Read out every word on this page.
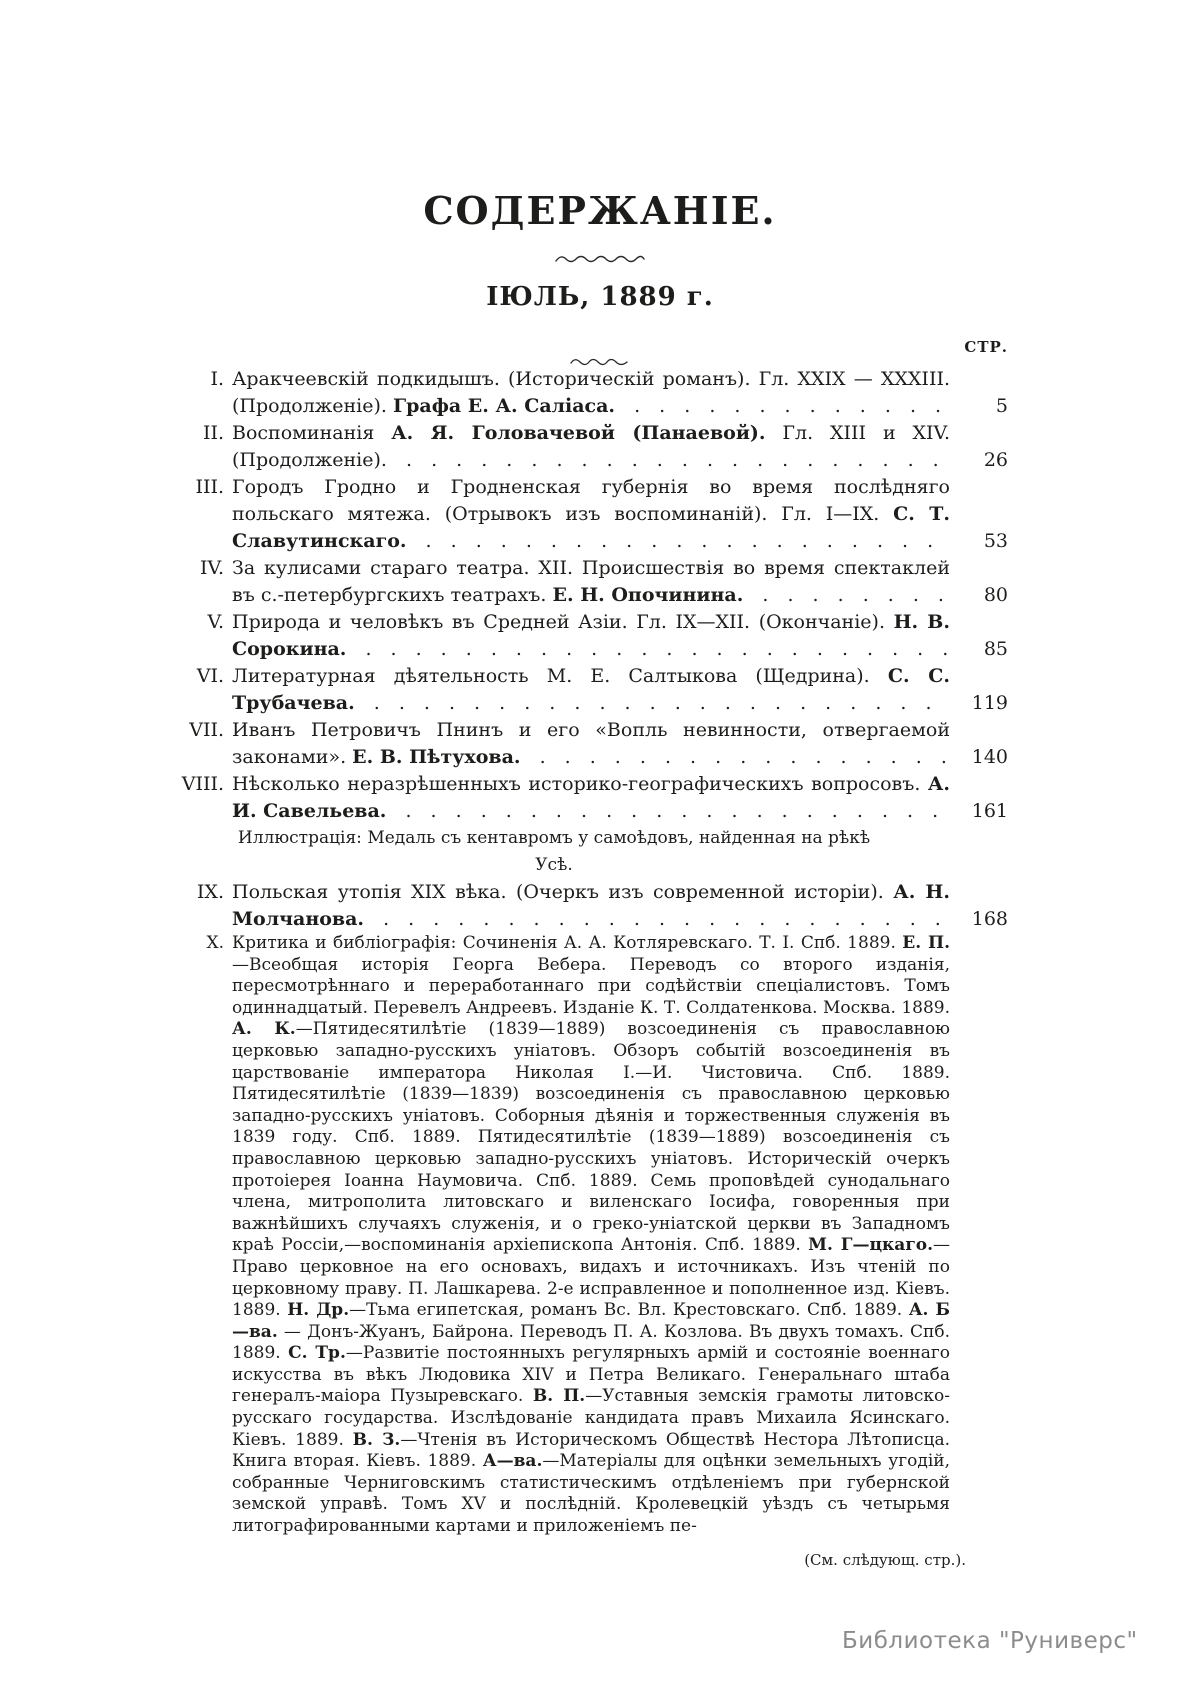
СОДЕРЖАНІЕ.
ІЮЛЬ, 1889 г.
СТР.
I. Аракчеевскій подкидышъ. (Историческій романъ). Гл. XXIX — XXXIII. (Продолженіе). Графа Е. А. Саліаса. . . . . . . . . . . . . .	5
II. Воспоминанія А. Я. Головачевой (Панаевой). Гл. XIII и XIV. (Продолженіе). . . . . . . . . . . . . . . . . . . . . . .	26
III. Городъ Гродно и Гродненская губернія во время послѣдняго польскаго мятежа. (Отрывокъ изъ воспоминаній). Гл. I—IX. С. Т. Славутинскаго. . . . . . . . . . . . . . . . . . . . . .	53
IV. За кулисами стараго театра. XII. Происшествія во время спектаклей въ с.-петербургскихъ театрахъ. Е. Н. Опочинина. . . . . . . . .	80
V. Природа и человѣкъ въ Средней Азіи. Гл. IX—XII. (Окончаніе). Н. В. Сорокина. . . . . . . . . . . . . . . . . . . . . . . . .	85
VI. Литературная дѣятельность М. Е. Салтыкова (Щедрина). С. С. Трубачева. . . . . . . . . . . . . . . . . . . . . . . .	119
VII. Иванъ Петровичъ Пнинъ и его «Вопль невинности, отвергаемой законами». Е. В. Пѣтухова. . . . . . . . . . . . . . . . . .	140
VIII. Нѣсколько неразрѣшенныхъ историко-географическихъ вопросовъ. А. И. Савельева. . . . . . . . . . . . . . . . . . . . . . .	161
Иллюстрація: Медаль съ кентавромъ у самоѣдовъ, найденная на рѣкѣ Усѣ.
IX. Польская утопія XIX вѣка. (Очеркъ изъ современной исторіи). А. Н. Молчанова. . . . . . . . . . . . . . . . . . . . . . . .	168
X. Критика и библіографія: Сочиненія А. А. Котляревскаго. Т. I. Спб. 1889. Е. П.—Всеобщая исторія Георга Вебера. Переводъ со второго изданія, пересмотрѣннаго и переработаннаго при содѣйствіи спеціалистовъ. Томъ одиннадцатый. Перевелъ Андреевъ. Изданіе К. Т. Солдатенкова. Москва. 1889. А. К.—Пятидесятилѣтіе (1839—1889) возсоединенія съ православною церковью западно-русскихъ уніатовъ. Обзоръ событій возсоединенія въ царствованіе императора Николая I.—И. Чистовича. Спб. 1889. Пятидесятилѣтіе (1839—1839) возсоединенія съ православною церковью западно-русскихъ уніатовъ. Соборныя дѣянія и торжественныя служенія въ 1839 году. Спб. 1889. Пятидесятилѣтіе (1839—1889) возсоединенія съ православною церковью западно-русскихъ уніатовъ. Историческій очеркъ протоіерея Іоанна Наумовича. Спб. 1889. Семь проповѣдей сунодальнаго члена, митрополита литовскаго и виленскаго Іосифа, говоренныя при важнѣйшихъ случаяхъ служенія, и о греко-уніатской церкви въ Западномъ краѣ Россіи,—воспоминанія архіепископа Антонія. Спб. 1889. М. Г—цкаго.—Право церковное на его основахъ, видахъ и источникахъ. Изъ чтеній по церковному праву. П. Лашкарева. 2-е исправленное и пополненное изд. Кіевъ. 1889. Н. Др.—Тьма египетская, романъ Вс. Вл. Крестовскаго. Спб. 1889. А. Б—ва. — Донъ-Жуанъ, Байрона. Переводъ П. А. Козлова. Въ двухъ томахъ. Спб. 1889. С. Тр.—Развитіе постоянныхъ регулярныхъ армій и состояніе военнаго искусства въ вѣкъ Людовика XIV и Петра Великаго. Генеральнаго штаба генералъ-маіора Пузыревскаго. В. П.—Уставныя земскія грамоты литовско-русскаго государства. Изслѣдованіе кандидата правъ Михаила Ясинскаго. Кіевъ. 1889. В. З.—Чтенія въ Историческомъ Обществѣ Нестора Лѣтописца. Книга вторая. Кіевъ. 1889. А—ва.—Матеріалы для оцѣнки земельныхъ угодій, собранные Черниговскимъ статистическимъ отдѣленіемъ при губернской земской управѣ. Томъ XV и послѣдній. Кролевецкій уѣздъ съ четырьмя литографированными картами и приложеніемъ пе-
(См. слѣдующ. стр.).
Библиотека "Руниверс"
